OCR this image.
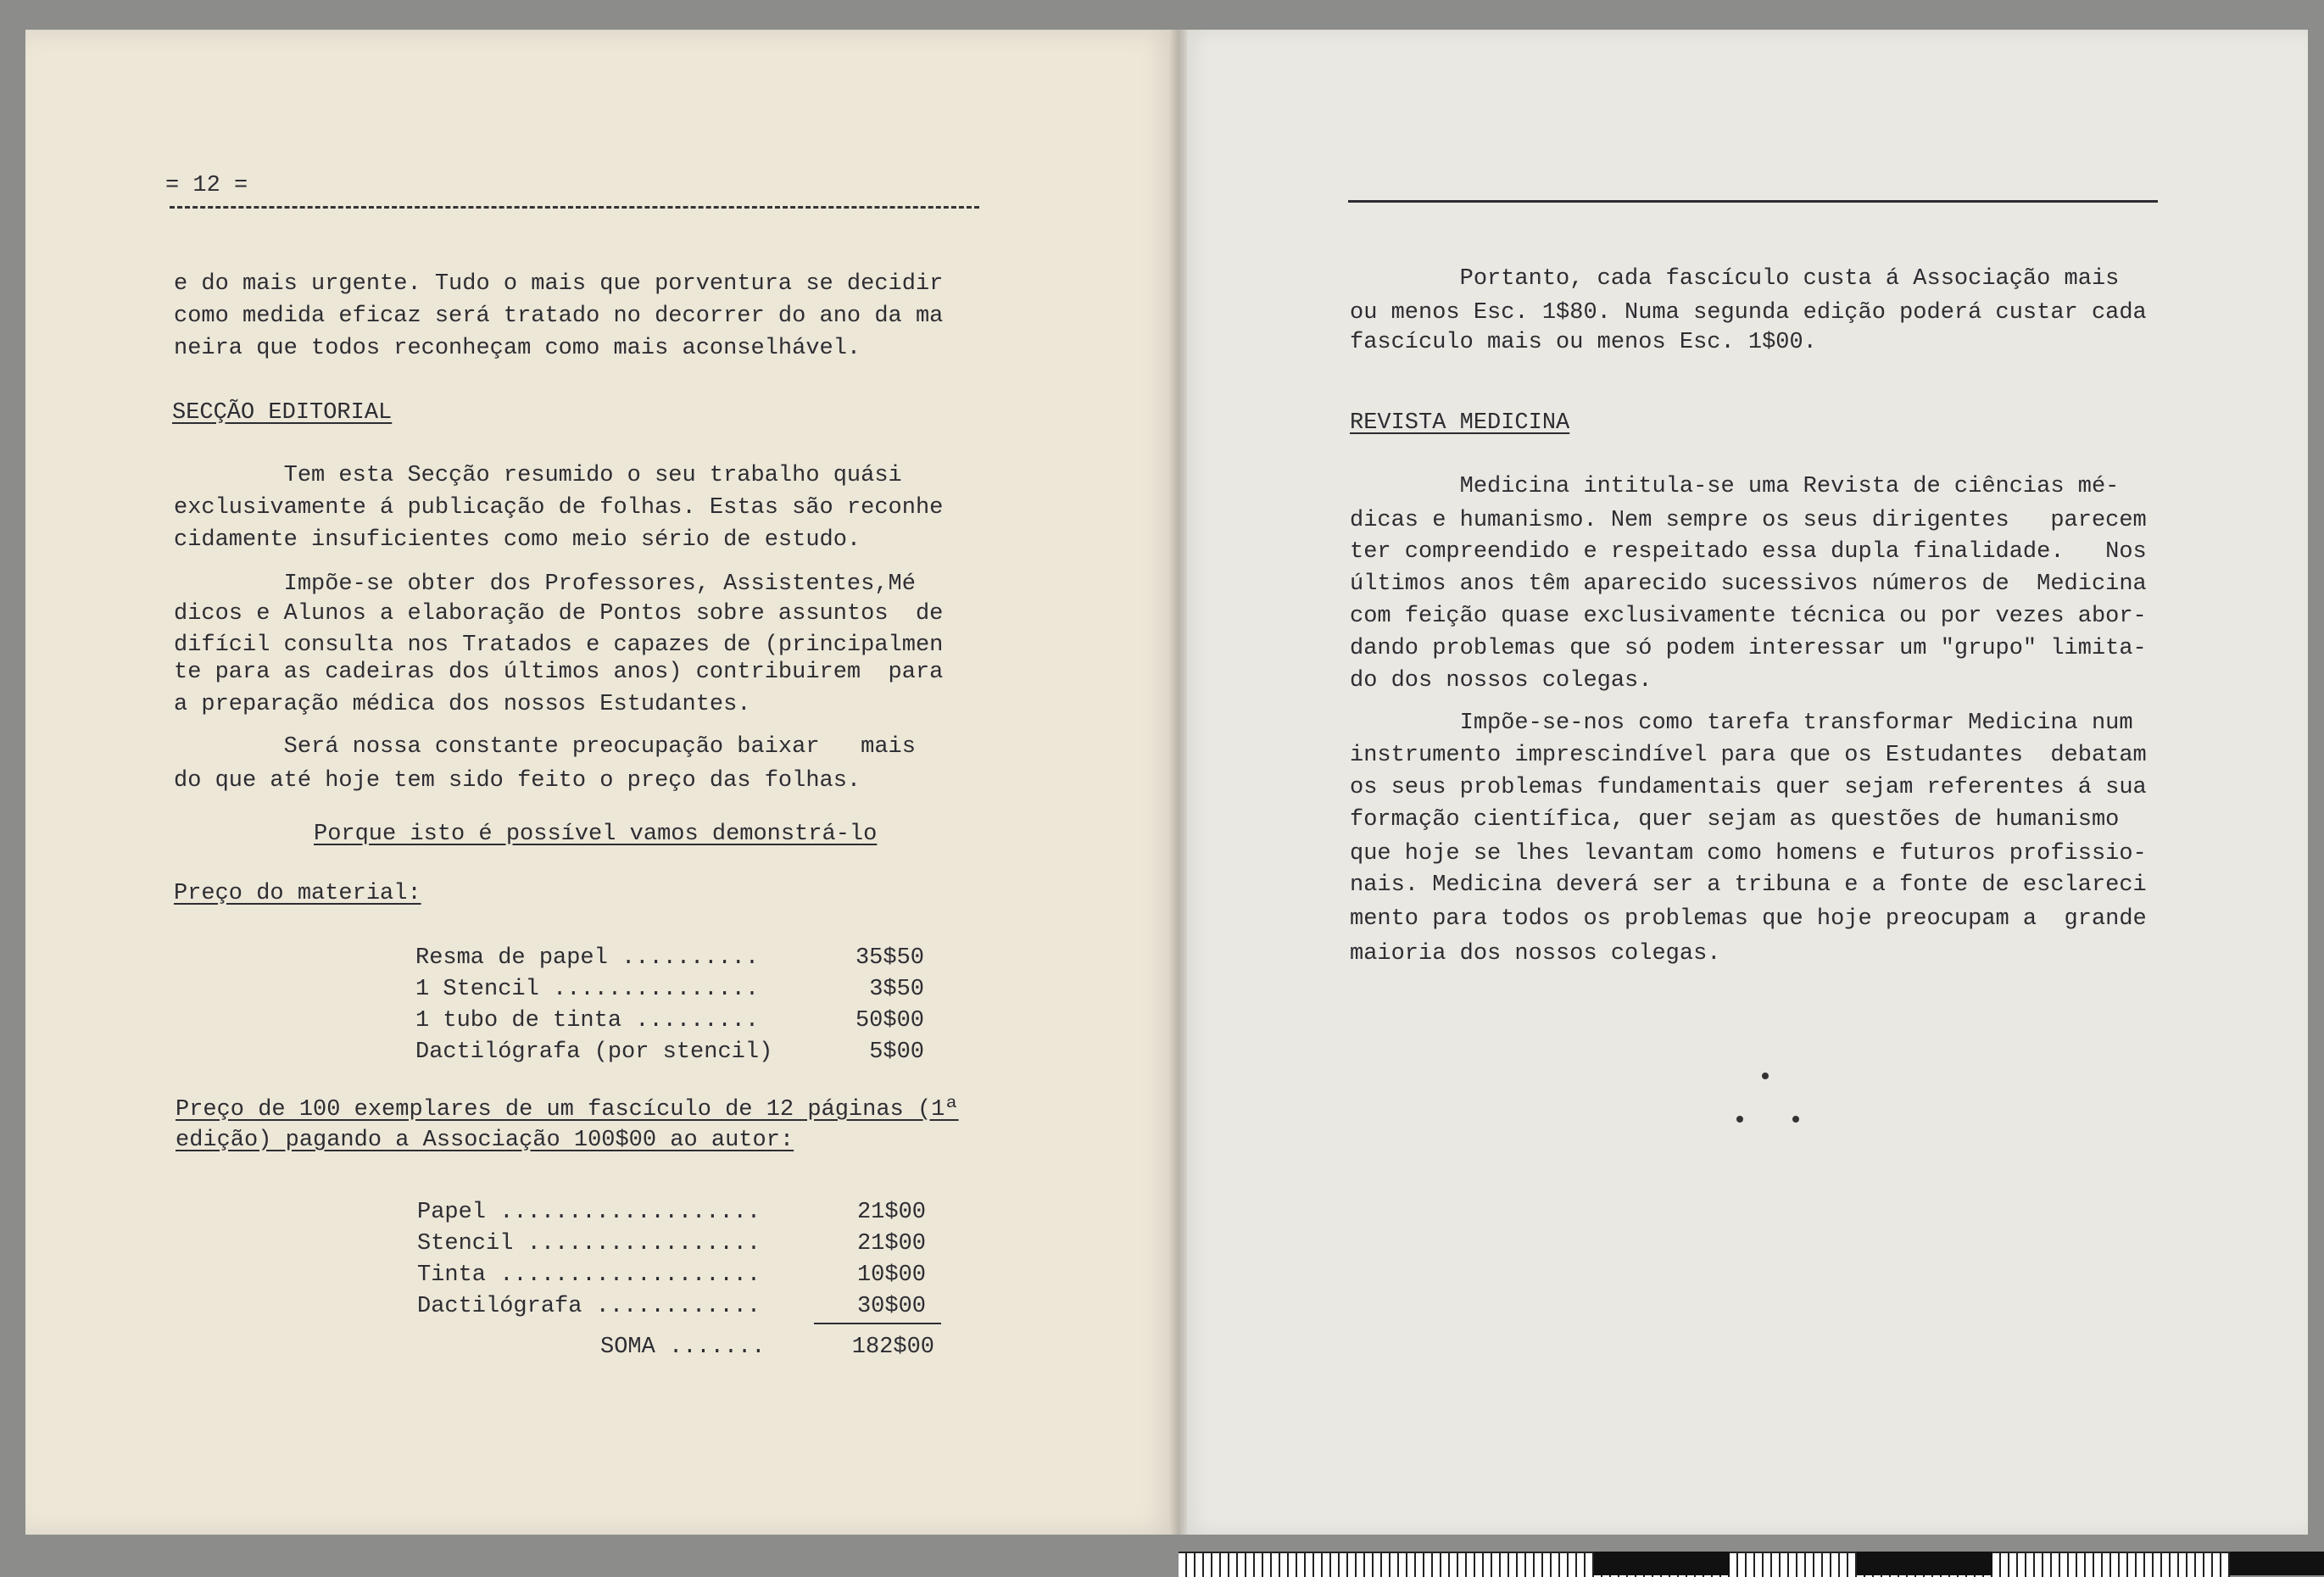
= 12 =

e do mais urgente. Tudo o mais que porventura se decidir

como medida eficaz será tratado no decorrer do ano da ma

neira que todos reconheçam como mais aconselhável.

SECÇÃO EDITORIAL

Tem esta Secção resumido o seu trabalho quási

exclusivamente á publicação de folhas. Estas são reconhe

cidamente insuficientes como meio sério de estudo.

Impõe-se obter dos Professores, Assistentes,Mé

dicos e Alunos a elaboração de Pontos sobre assuntos  de

difícil consulta nos Tratados e capazes de (principalmen

te para as cadeiras dos últimos anos) contribuirem  para

a preparação médica dos nossos Estudantes.

Será nossa constante preocupação baixar   mais

do que até hoje tem sido feito o preço das folhas.

Porque isto é possível vamos demonstrá-lo

Preço do material:

Resma de papel ..........	35$50
1 Stencil ...............	3$50
1 tubo de tinta .........	50$00
Dactilógrafa (por stencil)	5$00

Preço de 100 exemplares de um fascículo de 12 páginas (1ª

edição) pagando a Associação 100$00 ao autor:

Papel ...................	21$00
Stencil .................	21$00
Tinta ...................	10$00
Dactilógrafa ............	30$00

SOMA .......	182$00

Portanto, cada fascículo custa á Associação mais

ou menos Esc. 1$80. Numa segunda edição poderá custar cada

fascículo mais ou menos Esc. 1$00.

REVISTA MEDICINA

Medicina intitula-se uma Revista de ciências mé-

dicas e humanismo. Nem sempre os seus dirigentes   parecem

ter compreendido e respeitado essa dupla finalidade.   Nos

últimos anos têm aparecido sucessivos números de  Medicina

com feição quase exclusivamente técnica ou por vezes abor-

dando problemas que só podem interessar um "grupo" limita-

do dos nossos colegas.

Impõe-se-nos como tarefa transformar Medicina num

instrumento imprescindível para que os Estudantes  debatam

os seus problemas fundamentais quer sejam referentes á sua

formação científica, quer sejam as questões de humanismo

que hoje se lhes levantam como homens e futuros profissio-

nais. Medicina deverá ser a tribuna e a fonte de esclareci

mento para todos os problemas que hoje preocupam a  grande

maioria dos nossos colegas.
